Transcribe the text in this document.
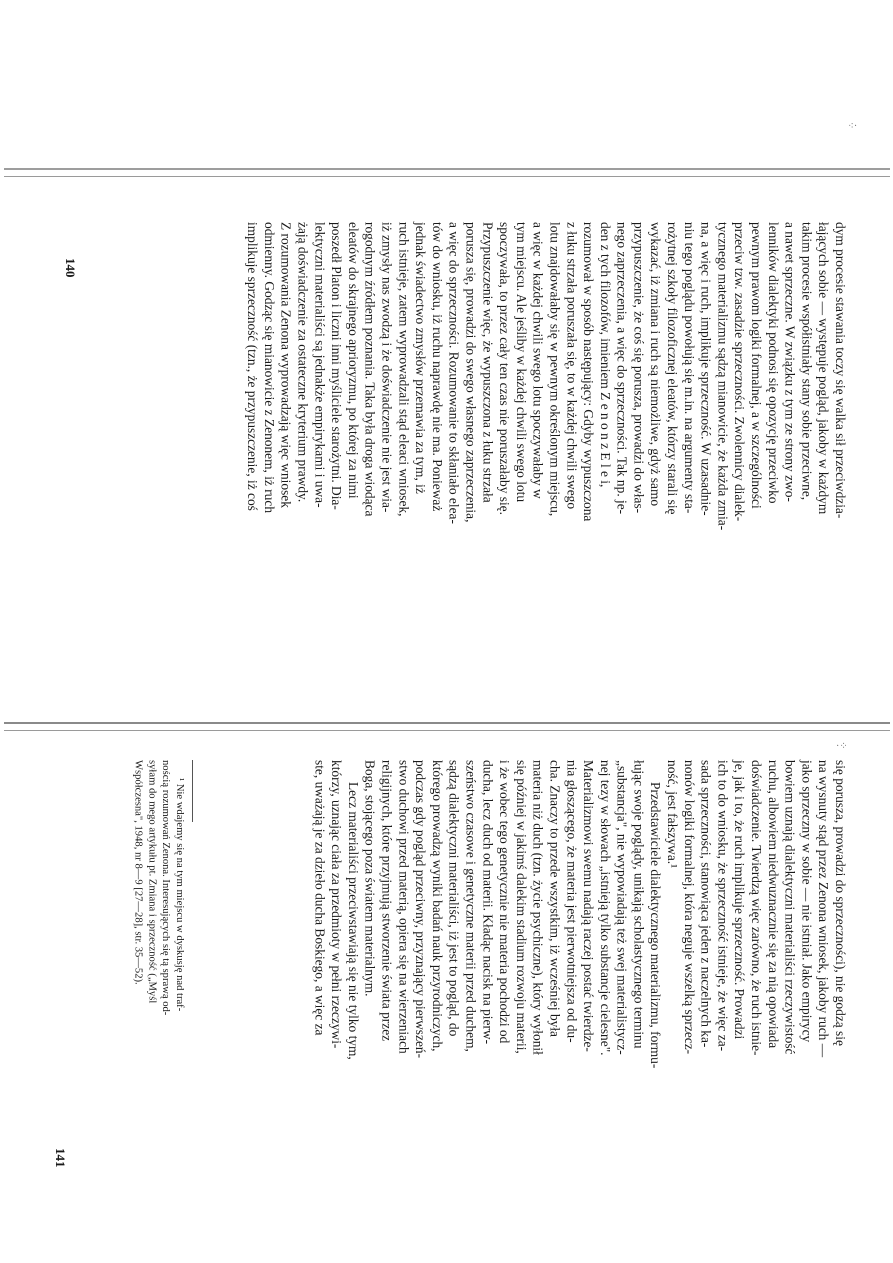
⁖·
·⁘
140	dym procesie stawania toczy się walka sił przeciwdzia-
łających sobie — występuje pogląd, jakoby w każdym
takim procesie współistniały stany sobie przeciwne,
a nawet sprzeczne. W związku z tym ze strony zwo-
lenników dialektyki podnosi się opozycję przeciwko
pewnym prawom logiki formalnej, a w szczególności
przeciw tzw. zasadzie sprzeczności. Zwolennicy dialek-
tycznego materializmu sądzą mianowicie, że każda zmia-
na, a więc i ruch, implikuje sprzeczność. W uzasadnie-
niu tego poglądu powołują się m.in. na argumenty sta-
rożytnej szkoły filozoficznej eleatów, którzy starali się
wykazać, iż zmiana i ruch są niemożliwe, gdyż samo
przypuszczenie, że coś się porusza, prowadzi do włas-
nego zaprzeczenia, a więc do sprzeczności. Tak np. je-
den z tych filozofów, imieniem Z e n o n z E l e i,
rozumował w sposób następujący: Gdyby wypuszczona
z łuku strzała poruszała się, to w każdej chwili swego
lotu znajdowałaby się w pewnym określonym miejscu,
a więc w każdej chwili swego lotu spoczywałaby w
tym miejscu. Ale jeśliby w każdej chwili swego lotu
spoczywała, to przez cały ten czas nie poruszałaby się.
Przypuszczenie więc, że wypuszczona z łuku strzała
porusza się, prowadzi do swego własnego zaprzeczenia,
a więc do sprzeczności. Rozumowanie to skłaniało elea-
tów do wniosku, iż ruchu naprawdę nie ma. Ponieważ
jednak świadectwo zmysłów przemawia za tym, iż
ruch istnieje, zatem wyprowadzali stąd eleaci wniosek,
iż zmysły nas zwodzą i że doświadczenie nie jest wia-
rogodnym źródłem poznania. Taka była droga wiodąca
eleatów do skrajnego aprioryzmu, po której za nimi
poszedł Platon i liczni inni myśliciele starożytni. Dia-
lektyczni materialiści są jednakże empirykami i uwa-
żają doświadczenie za ostateczne kryterium prawdy.
Z rozumowania Zenona wyprowadzają więc wniosek
odmienny. Godząc się mianowicie z Zenonem, iż ruch
implikuje sprzeczność (tzn., że przypuszczenie, iż coś

się porusza, prowadzi do sprzeczności), nie godzą się
na wysnuty stąd przez Zenona wniosek, jakoby ruch —
jako sprzeczny w sobie — nie istniał. Jako empirycy
bowiem uznają dialektyczni materialiści rzeczywistość
ruchu, albowiem niedwuznacznie się za nią opowiada
doświadczenie. Twierdzą więc zarówno, że ruch istnie-
je, jak i to, że ruch implikuje sprzeczność. Prowadzi
ich to do wniosku, że sprzeczność istnieje, że więc za-
sada sprzeczności, stanowiąca jeden z naczelnych ka-
nonów logiki formalnej, która neguje wszelką sprzecz-
ność, jest fałszywa.¹

Przedstawiciele dialektycznego materializmu, formu-
łując swoje poglądy, unikają scholastycznego terminu
„substancja", nie wypowiadają też swej materialistycz-
nej tezy w słowach „istnieją tylko substancje cielesne".
Materializmowi swemu nadają raczej postać twierdze-
nia głoszącego, że materia jest pierwotniejsza od du-
cha. Znaczy to przede wszystkim, iż wcześniej była
materia niż duch (tzn. życie psychiczne), który wyłonił
się później w jakimś dalekim stadium rozwoju materii,
i że wobec tego genetycznie nie materia pochodzi od
ducha, lecz duch od materii. Kładąc nacisk na pierw-
szeństwo czasowe i genetyczne materii przed duchem,
sądzą dialektyczni materialiści, iż jest to pogląd, do
którego prowadzą wyniki badań nauk przyrodniczych,
podczas gdy pogląd przeciwny, przyznający pierwszeń-
stwo duchowi przed materią, opiera się na wierzeniach
religijnych, które przyjmują stworzenie świata przez
Boga, stojącego poza światem materialnym.

Lecz materialiści przeciwstawiają się nie tylko tym,
którzy, uznając ciała za przedmioty w pełni rzeczywi-
ste, uważają je za dzieło ducha Boskiego, a więc za

¹ Nie wdajemy się na tym miejscu w dyskusję nad traf-
nością rozumowań Zenona. Interesujących się tą sprawą od-
syłam do mego artykułu pt. Zmiana i sprzeczność („Myśl
Współczesna", 1948, nr 8—9 [27—28], str. 35—52).
141
